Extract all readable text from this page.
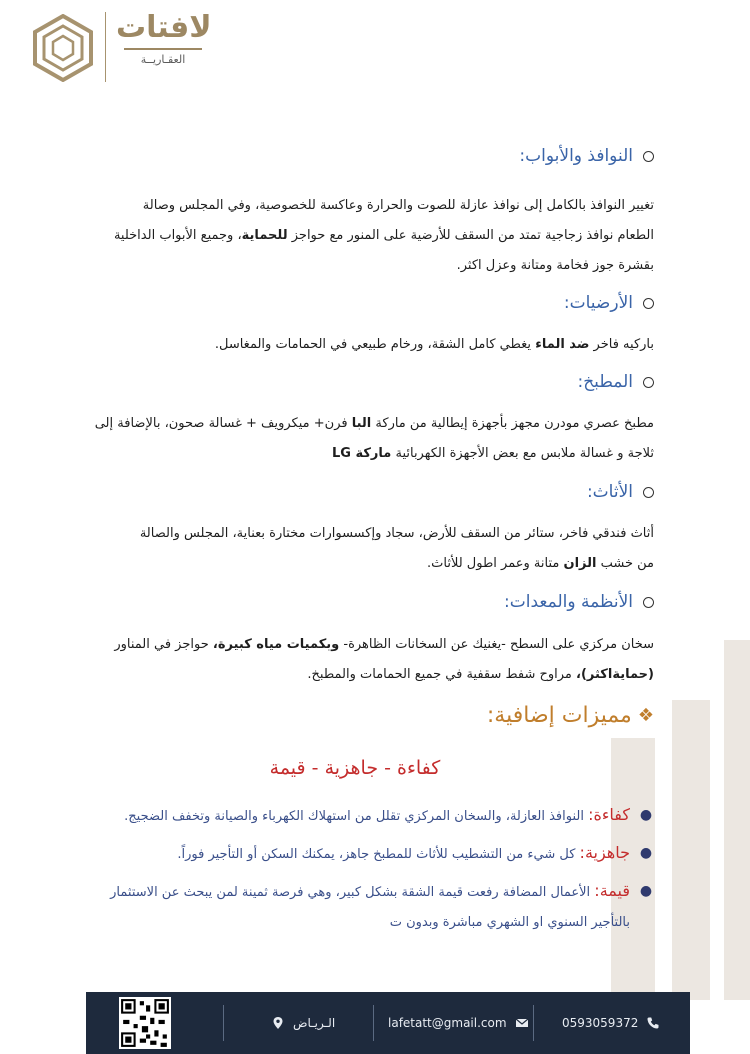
لافتات
العقـاريــة
النوافذ والأبواب:
تغيير النوافذ بالكامل إلى نوافذ عازلة للصوت والحرارة وعاكسة للخصوصية، وفي المجلس وصالة
الطعام نوافذ زجاجية تمتد من السقف للأرضية على المنور مع حواجز للحماية، وجميع الأبواب الداخلية
بقشرة جوز فخامة ومتانة وعزل اكثر.
الأرضيات:
باركيه فاخر ضد الماء يغطي كامل الشقة، ورخام طبيعي في الحمامات والمغاسل.
المطبخ:
مطبخ عصري مودرن مجهز بأجهزة إيطالية من ماركة البا فرن+ ميكرويف + غسالة صحون، بالإضافة إلى
ثلاجة و غسالة ملابس مع بعض الأجهزة الكهربائية ماركة LG
الأثاث:
أثاث فندقي فاخر، ستائر من السقف للأرض، سجاد وإكسسوارات مختارة بعناية، المجلس والصالة
من خشب الزان متانة وعمر اطول للأثاث.
الأنظمة والمعدات:
سخان مركزي على السطح -يغنيك عن السخانات الظاهرة- وبكميات مياه كبيرة، حواجز في المناور
(حمايةاكثر)، مراوح شفط سقفية في جميع الحمامات والمطبخ.
❖
مميزات إضافية:
كفاءة - جاهزية - قيمة
●
كفاءة: النوافذ العازلة، والسخان المركزي تقلل من استهلاك الكهرباء والصيانة وتخفف الضجيج.
●
جاهزية: كل شيء من التشطيب للأثاث للمطبخ جاهز، يمكنك السكن أو التأجير فوراً.
●
قيمة: الأعمال المضافة رفعت قيمة الشقة بشكل كبير، وهي فرصة ثمينة لمن يبحث عن الاستثمار
بالتأجير السنوي او الشهري مباشرة وبدون ت
الـريـاض	lafetatt@gmail.com	0593059372
